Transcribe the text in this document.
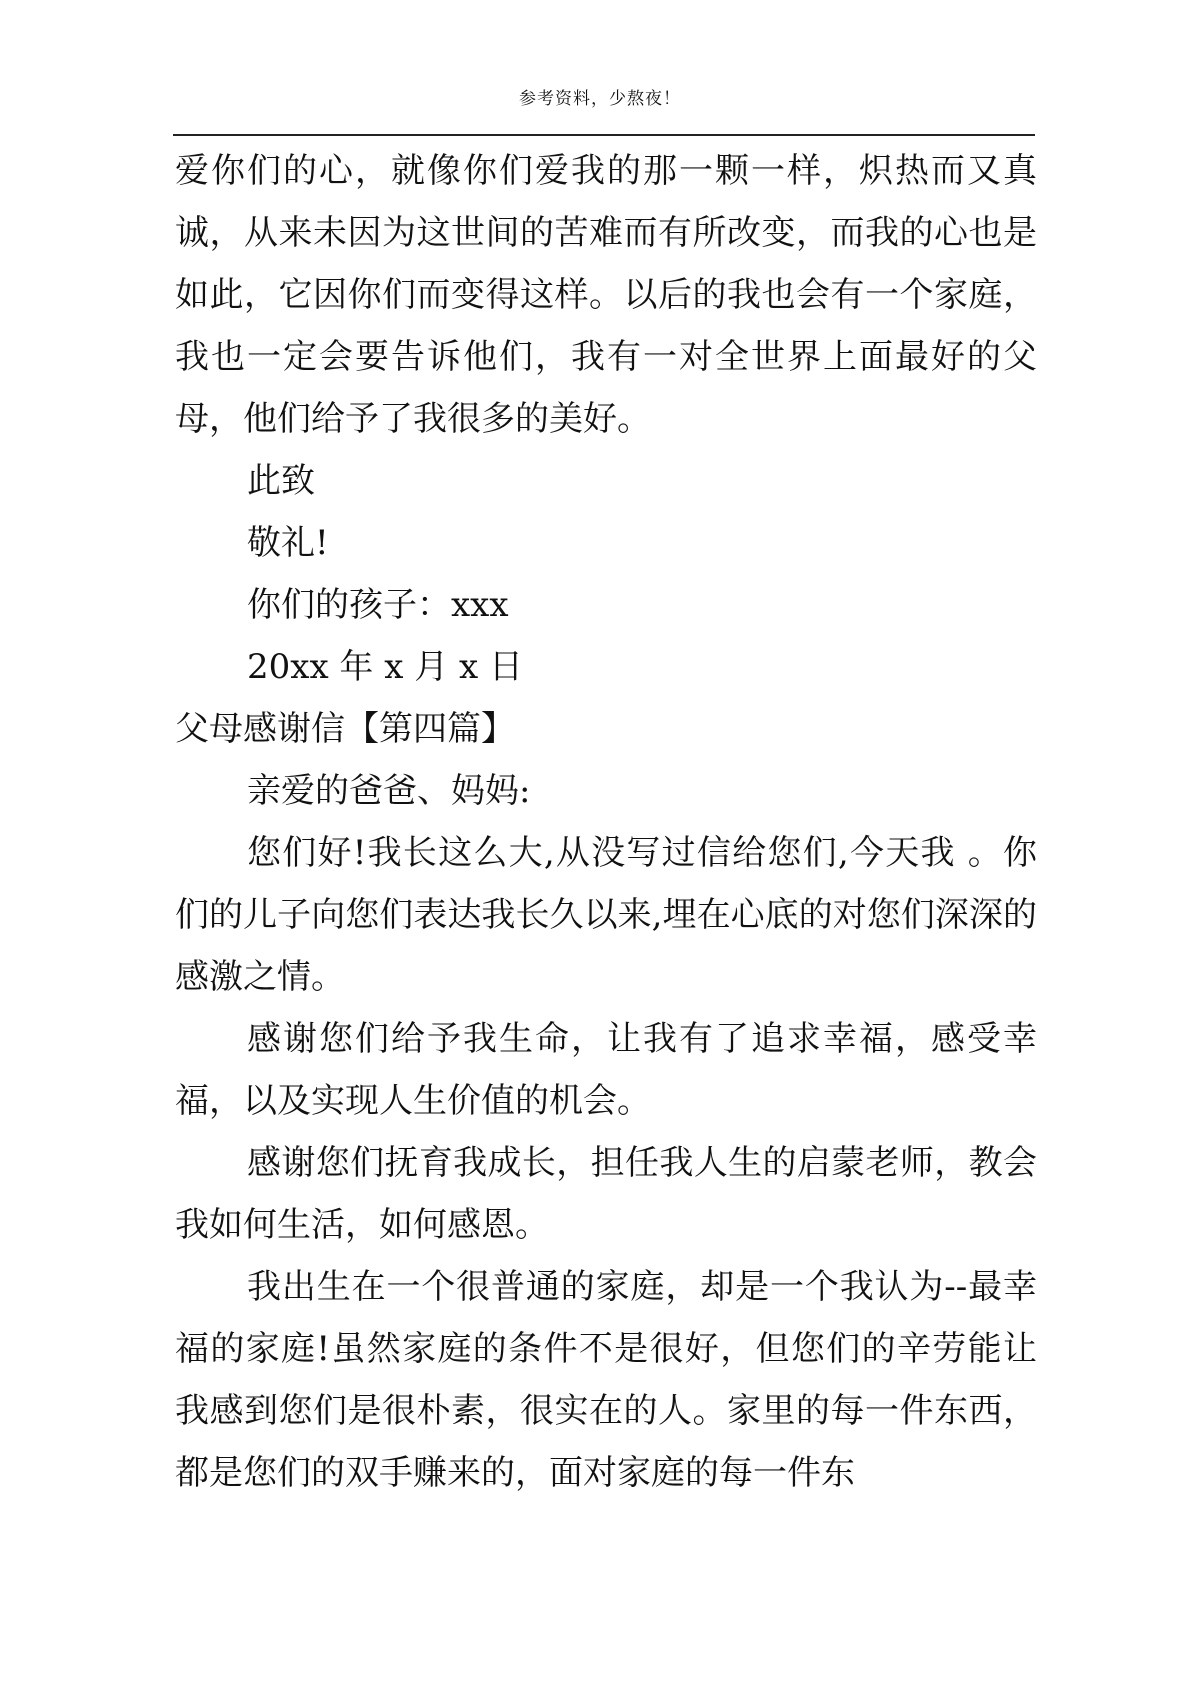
参考资料，少熬夜！

爱你们的心，就像你们爱我的那一颗一样，炽热而又真诚，从来未因为这世间的苦难而有所改变，而我的心也是如此，它因你们而变得这样。以后的我也会有一个家庭，我也一定会要告诉他们，我有一对全世界上面最好的父母，他们给予了我很多的美好。

此致

敬礼!

你们的孩子：xxx

20xx 年 x 月 x 日

父母感谢信【第四篇】

亲爱的爸爸、妈妈:

您们好!我长这么大,从没写过信给您们,今天我 。你们的儿子向您们表达我长久以来,埋在心底的对您们深深的感激之情。

感谢您们给予我生命，让我有了追求幸福，感受幸福，以及实现人生价值的机会。

感谢您们抚育我成长，担任我人生的启蒙老师，教会我如何生活，如何感恩。

我出生在一个很普通的家庭，却是一个我认为--最幸福的家庭!虽然家庭的条件不是很好，但您们的辛劳能让我感到您们是很朴素，很实在的人。家里的每一件东西，都是您们的双手赚来的，面对家庭的每一件东
